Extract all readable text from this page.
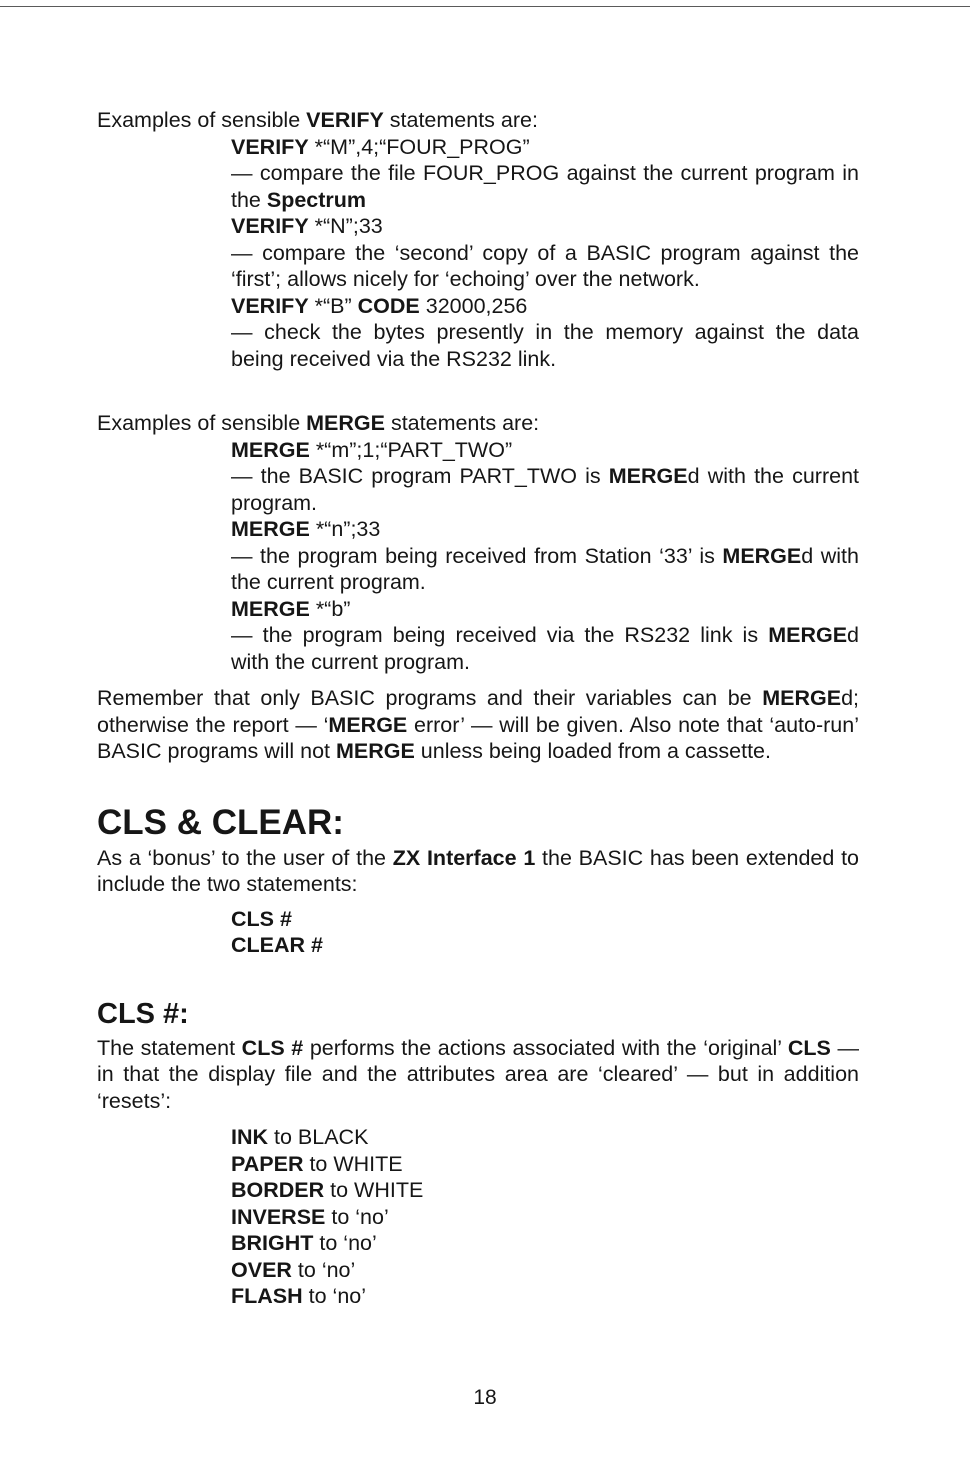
Examples of sensible VERIFY statements are:

VERIFY *“M”,4;“FOUR_PROG”

— compare the file FOUR_PROG against the current program in the Spectrum

VERIFY *“N”;33

— compare the ‘second’ copy of a BASIC program against the ‘first’; allows nicely for ‘echoing’ over the network.

VERIFY *“B” CODE 32000,256

— check the bytes presently in the memory against the data being received via the RS232 link.

Examples of sensible MERGE statements are:

MERGE *“m”;1;“PART_TWO”

— the BASIC program PART_TWO is MERGEd with the current program.

MERGE *“n”;33

— the program being received from Station ‘33’ is MERGEd with the current program.

MERGE *“b”

— the program being received via the RS232 link is MERGEd with the current program.

Remember that only BASIC programs and their variables can be MERGEd; otherwise the report — ‘MERGE error’ — will be given. Also note that ‘auto-run’ BASIC programs will not MERGE unless being loaded from a cassette.

CLS & CLEAR:

As a ‘bonus’ to the user of the ZX Interface 1 the BASIC has been extended to include the two statements:

CLS #

CLEAR #

CLS #:

The statement CLS # performs the actions associated with the ‘original’ CLS — in that the display file and the attributes area are ‘cleared’ — but in addition ‘resets’:

INK to BLACK

PAPER to WHITE

BORDER to WHITE

INVERSE to ‘no’

BRIGHT to ‘no’

OVER to ‘no’

FLASH to ‘no’

18
